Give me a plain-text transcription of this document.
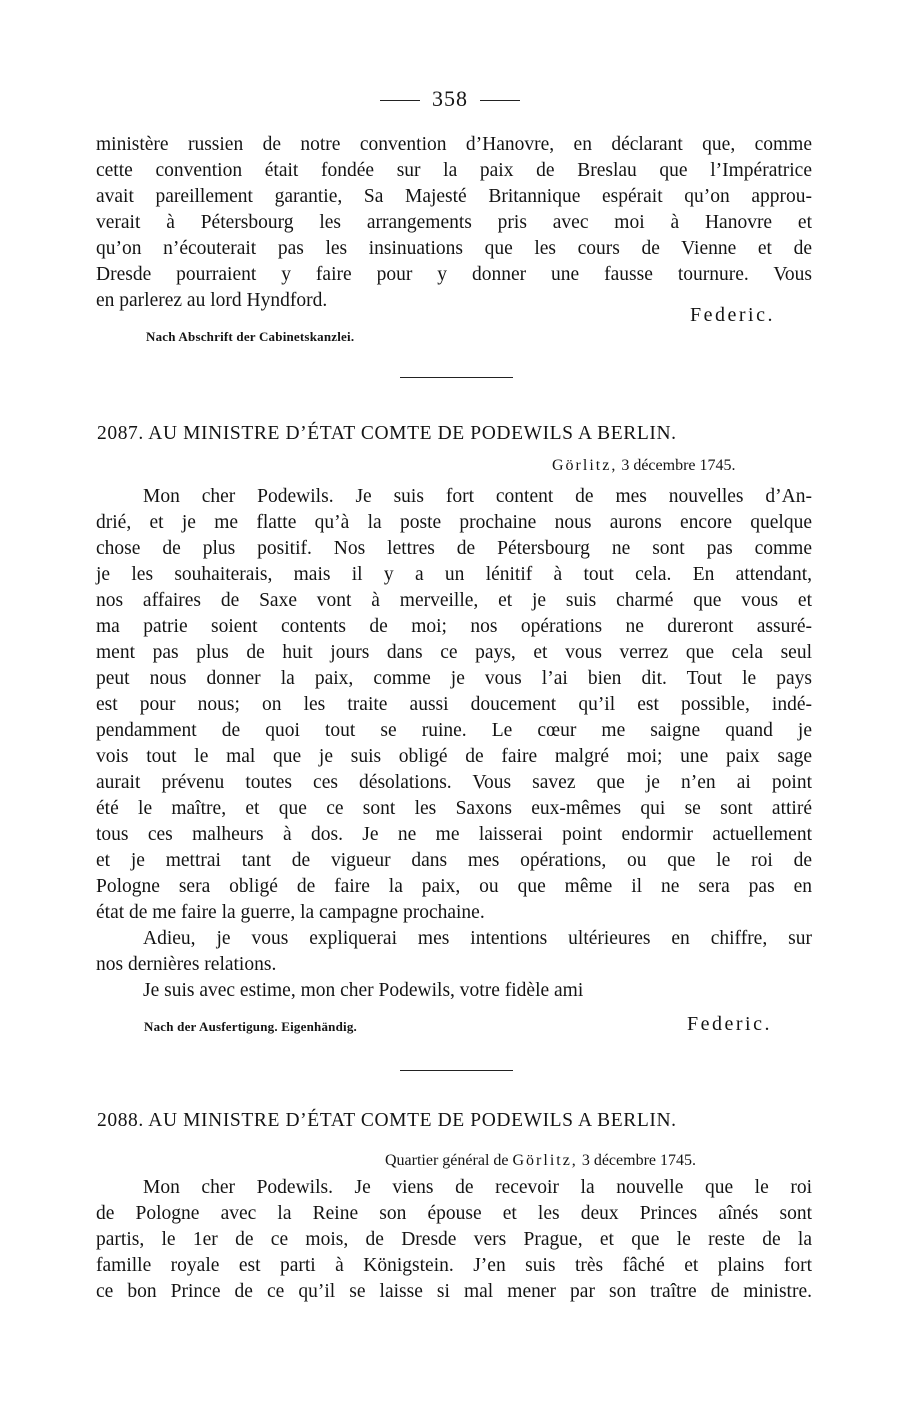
358
ministère russien de notre convention d’Hanovre, en déclarant que, comme
cette convention était fondée sur la paix de Breslau que l’Impératrice
avait pareillement garantie, Sa Majesté Britannique espérait qu’on approu-
verait à Pétersbourg les arrangements pris avec moi à Hanovre et
qu’on n’écouterait pas les insinuations que les cours de Vienne et de
Dresde pourraient y faire pour y donner une fausse tournure. Vous
en parlerez au lord Hyndford.
Federic.
Nach Abschrift der Cabinetskanzlei.
2087. AU MINISTRE D’ÉTAT COMTE DE PODEWILS A BERLIN.
Görlitz, 3 décembre 1745.
Mon cher Podewils. Je suis fort content de mes nouvelles d’An-
drié, et je me flatte qu’à la poste prochaine nous aurons encore quelque
chose de plus positif. Nos lettres de Pétersbourg ne sont pas comme
je les souhaiterais, mais il y a un lénitif à tout cela. En attendant,
nos affaires de Saxe vont à merveille, et je suis charmé que vous et
ma patrie soient contents de moi; nos opérations ne dureront assuré-
ment pas plus de huit jours dans ce pays, et vous verrez que cela seul
peut nous donner la paix, comme je vous l’ai bien dit. Tout le pays
est pour nous; on les traite aussi doucement qu’il est possible, indé-
pendamment de quoi tout se ruine. Le cœur me saigne quand je
vois tout le mal que je suis obligé de faire malgré moi; une paix sage
aurait prévenu toutes ces désolations. Vous savez que je n’en ai point
été le maître, et que ce sont les Saxons eux-mêmes qui se sont attiré
tous ces malheurs à dos. Je ne me laisserai point endormir actuellement
et je mettrai tant de vigueur dans mes opérations, ou que le roi de
Pologne sera obligé de faire la paix, ou que même il ne sera pas en
état de me faire la guerre, la campagne prochaine.
Adieu, je vous expliquerai mes intentions ultérieures en chiffre, sur
nos dernières relations.
Je suis avec estime, mon cher Podewils, votre fidèle ami
Nach der Ausfertigung. Eigenhändig.	Federic.
2088. AU MINISTRE D’ÉTAT COMTE DE PODEWILS A BERLIN.
Quartier général de Görlitz, 3 décembre 1745.
Mon cher Podewils. Je viens de recevoir la nouvelle que le roi
de Pologne avec la Reine son épouse et les deux Princes aînés sont
partis, le 1er de ce mois, de Dresde vers Prague, et que le reste de la
famille royale est parti à Königstein. J’en suis très fâché et plains fort
ce bon Prince de ce qu’il se laisse si mal mener par son traître de ministre.
